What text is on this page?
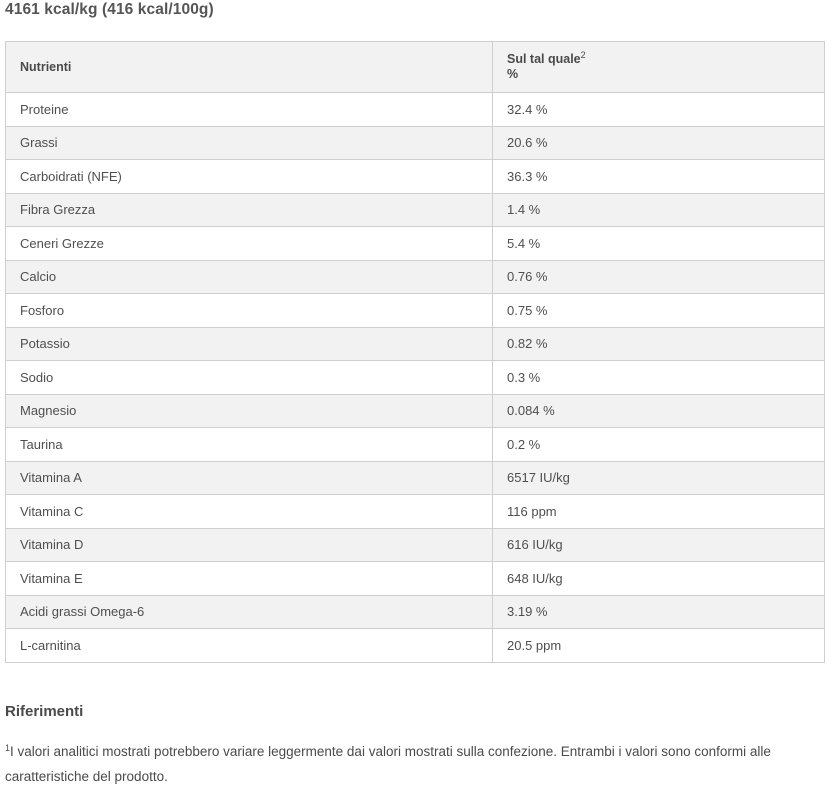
4161 kcal/kg (416 kcal/100g)
Nutrienti	Sul tal quale$^2$
%
Proteine	32.4 %
Grassi	20.6 %
Carboidrati (NFE)	36.3 %
Fibra Grezza	1.4 %
Ceneri Grezze	5.4 %
Calcio	0.76 %
Fosforo	0.75 %
Potassio	0.82 %
Sodio	0.3 %
Magnesio	0.084 %
Taurina	0.2 %
Vitamina A	6517 IU/kg
Vitamina C	116 ppm
Vitamina D	616 IU/kg
Vitamina E	648 IU/kg
Acidi grassi Omega-6	3.19 %
L-carnitina	20.5 ppm
Riferimenti
$^1$I valori analitici mostrati potrebbero variare leggermente dai valori mostrati sulla confezione. Entrambi i valori sono conformi alle caratteristiche del prodotto.
